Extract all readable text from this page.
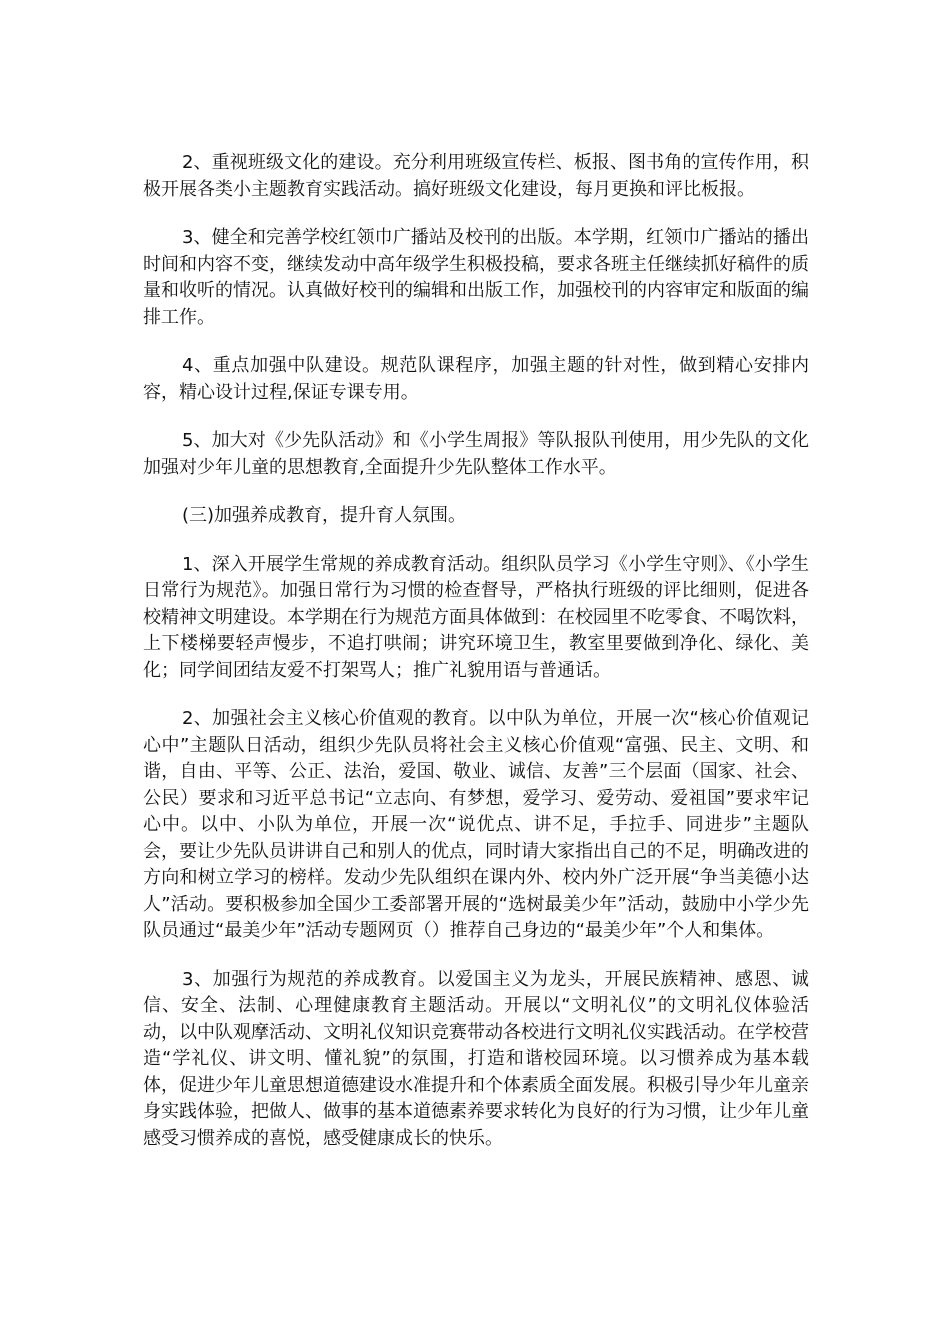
2、重视班级文化的建设。充分利用班级宣传栏、板报、图书角的宣传作用，积极开展各类小主题教育实践活动。搞好班级文化建设，每月更换和评比板报。

3、健全和完善学校红领巾广播站及校刊的出版。本学期，红领巾广播站的播出时间和内容不变，继续发动中高年级学生积极投稿，要求各班主任继续抓好稿件的质量和收听的情况。认真做好校刊的编辑和出版工作，加强校刊的内容审定和版面的编排工作。

4、重点加强中队建设。规范队课程序，加强主题的针对性，做到精心安排内容，精心设计过程,保证专课专用。

5、加大对《少先队活动》和《小学生周报》等队报队刊使用，用少先队的文化加强对少年儿童的思想教育,全面提升少先队整体工作水平。

(三)加强养成教育，提升育人氛围。

1、深入开展学生常规的养成教育活动。组织队员学习《小学生守则》、《小学生日常行为规范》。加强日常行为习惯的检查督导，严格执行班级的评比细则，促进各校精神文明建设。本学期在行为规范方面具体做到：在校园里不吃零食、不喝饮料，上下楼梯要轻声慢步，不追打哄闹；讲究环境卫生，教室里要做到净化、绿化、美化；同学间团结友爱不打架骂人；推广礼貌用语与普通话。

2、加强社会主义核心价值观的教育。以中队为单位，开展一次“核心价值观记心中”主题队日活动，组织少先队员将社会主义核心价值观“富强、民主、文明、和谐，自由、平等、公正、法治，爱国、敬业、诚信、友善”三个层面（国家、社会、公民）要求和习近平总书记“立志向、有梦想，爱学习、爱劳动、爱祖国”要求牢记心中。以中、小队为单位，开展一次“说优点、讲不足，手拉手、同进步”主题队会，要让少先队员讲讲自己和别人的优点，同时请大家指出自己的不足，明确改进的方向和树立学习的榜样。发动少先队组织在课内外、校内外广泛开展“争当美德小达人”活动。要积极参加全国少工委部署开展的“选树最美少年”活动，鼓励中小学少先队员通过“最美少年”活动专题网页（）推荐自己身边的“最美少年”个人和集体。

3、加强行为规范的养成教育。以爱国主义为龙头，开展民族精神、感恩、诚信、安全、法制、心理健康教育主题活动。开展以“文明礼仪”的文明礼仪体验活动，以中队观摩活动、文明礼仪知识竞赛带动各校进行文明礼仪实践活动。在学校营造“学礼仪、讲文明、懂礼貌”的氛围，打造和谐校园环境。以习惯养成为基本载体，促进少年儿童思想道德建设水准提升和个体素质全面发展。积极引导少年儿童亲身实践体验，把做人、做事的基本道德素养要求转化为良好的行为习惯，让少年儿童感受习惯养成的喜悦，感受健康成长的快乐。
